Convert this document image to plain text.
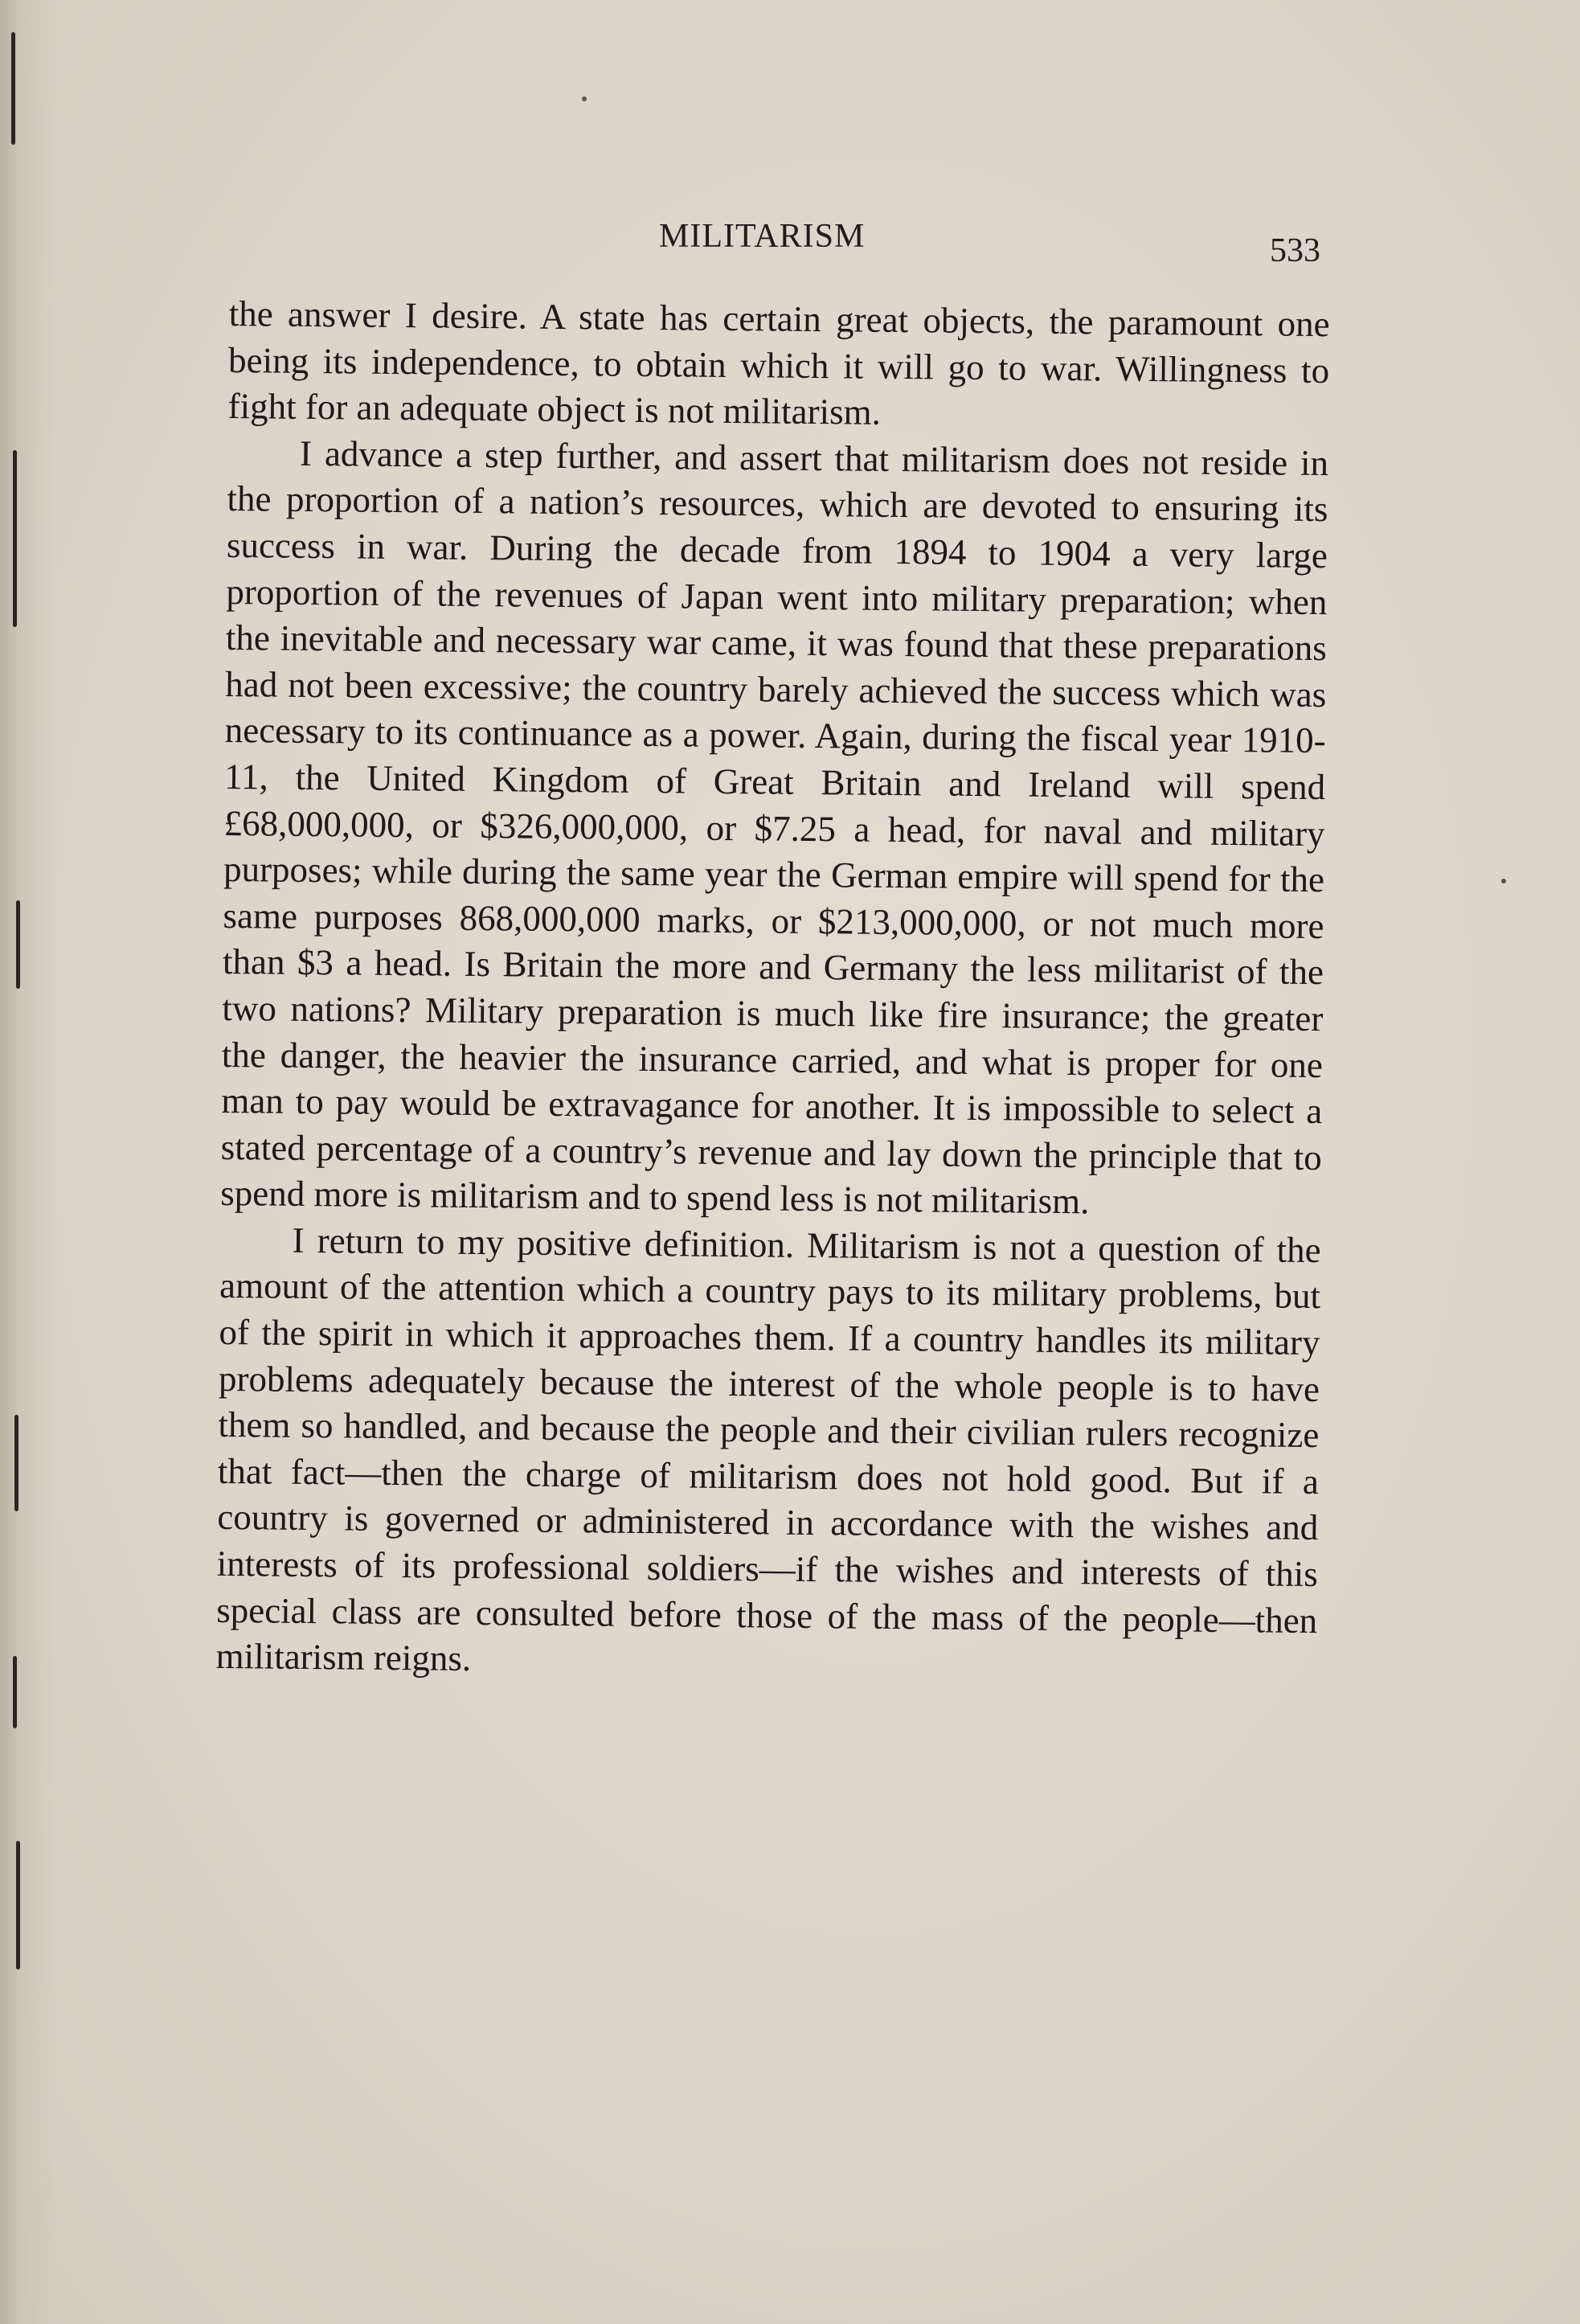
MILITARISM	533

the answer I desire. A state has certain great objects, the paramount one being its independence, to obtain which it will go to war. Willingness to fight for an adequate object is not militarism.

I advance a step further, and assert that militarism does not reside in the proportion of a nation’s resources, which are devoted to ensuring its success in war. During the decade from 1894 to 1904 a very large proportion of the revenues of Japan went into military preparation; when the inevitable and necessary war came, it was found that these preparations had not been excessive; the country barely achieved the success which was necessary to its continuance as a power. Again, during the fiscal year 1910-11, the United Kingdom of Great Britain and Ireland will spend £68,000,000, or $326,000,000, or $7.25 a head, for naval and military purposes; while during the same year the German empire will spend for the same purposes 868,000,000 marks, or $213,000,000, or not much more than $3 a head. Is Britain the more and Germany the less militarist of the two nations? Military preparation is much like fire insurance; the greater the danger, the heavier the insurance carried, and what is proper for one man to pay would be extravagance for another. It is impossible to select a stated percentage of a country’s revenue and lay down the principle that to spend more is militarism and to spend less is not militarism.

I return to my positive definition. Militarism is not a question of the amount of the attention which a country pays to its military problems, but of the spirit in which it approaches them. If a country handles its military problems adequately because the interest of the whole people is to have them so handled, and because the people and their civilian rulers recognize that fact—then the charge of militarism does not hold good. But if a country is governed or administered in accordance with the wishes and interests of its professional soldiers—if the wishes and interests of this special class are consulted before those of the mass of the people—then militarism reigns.
